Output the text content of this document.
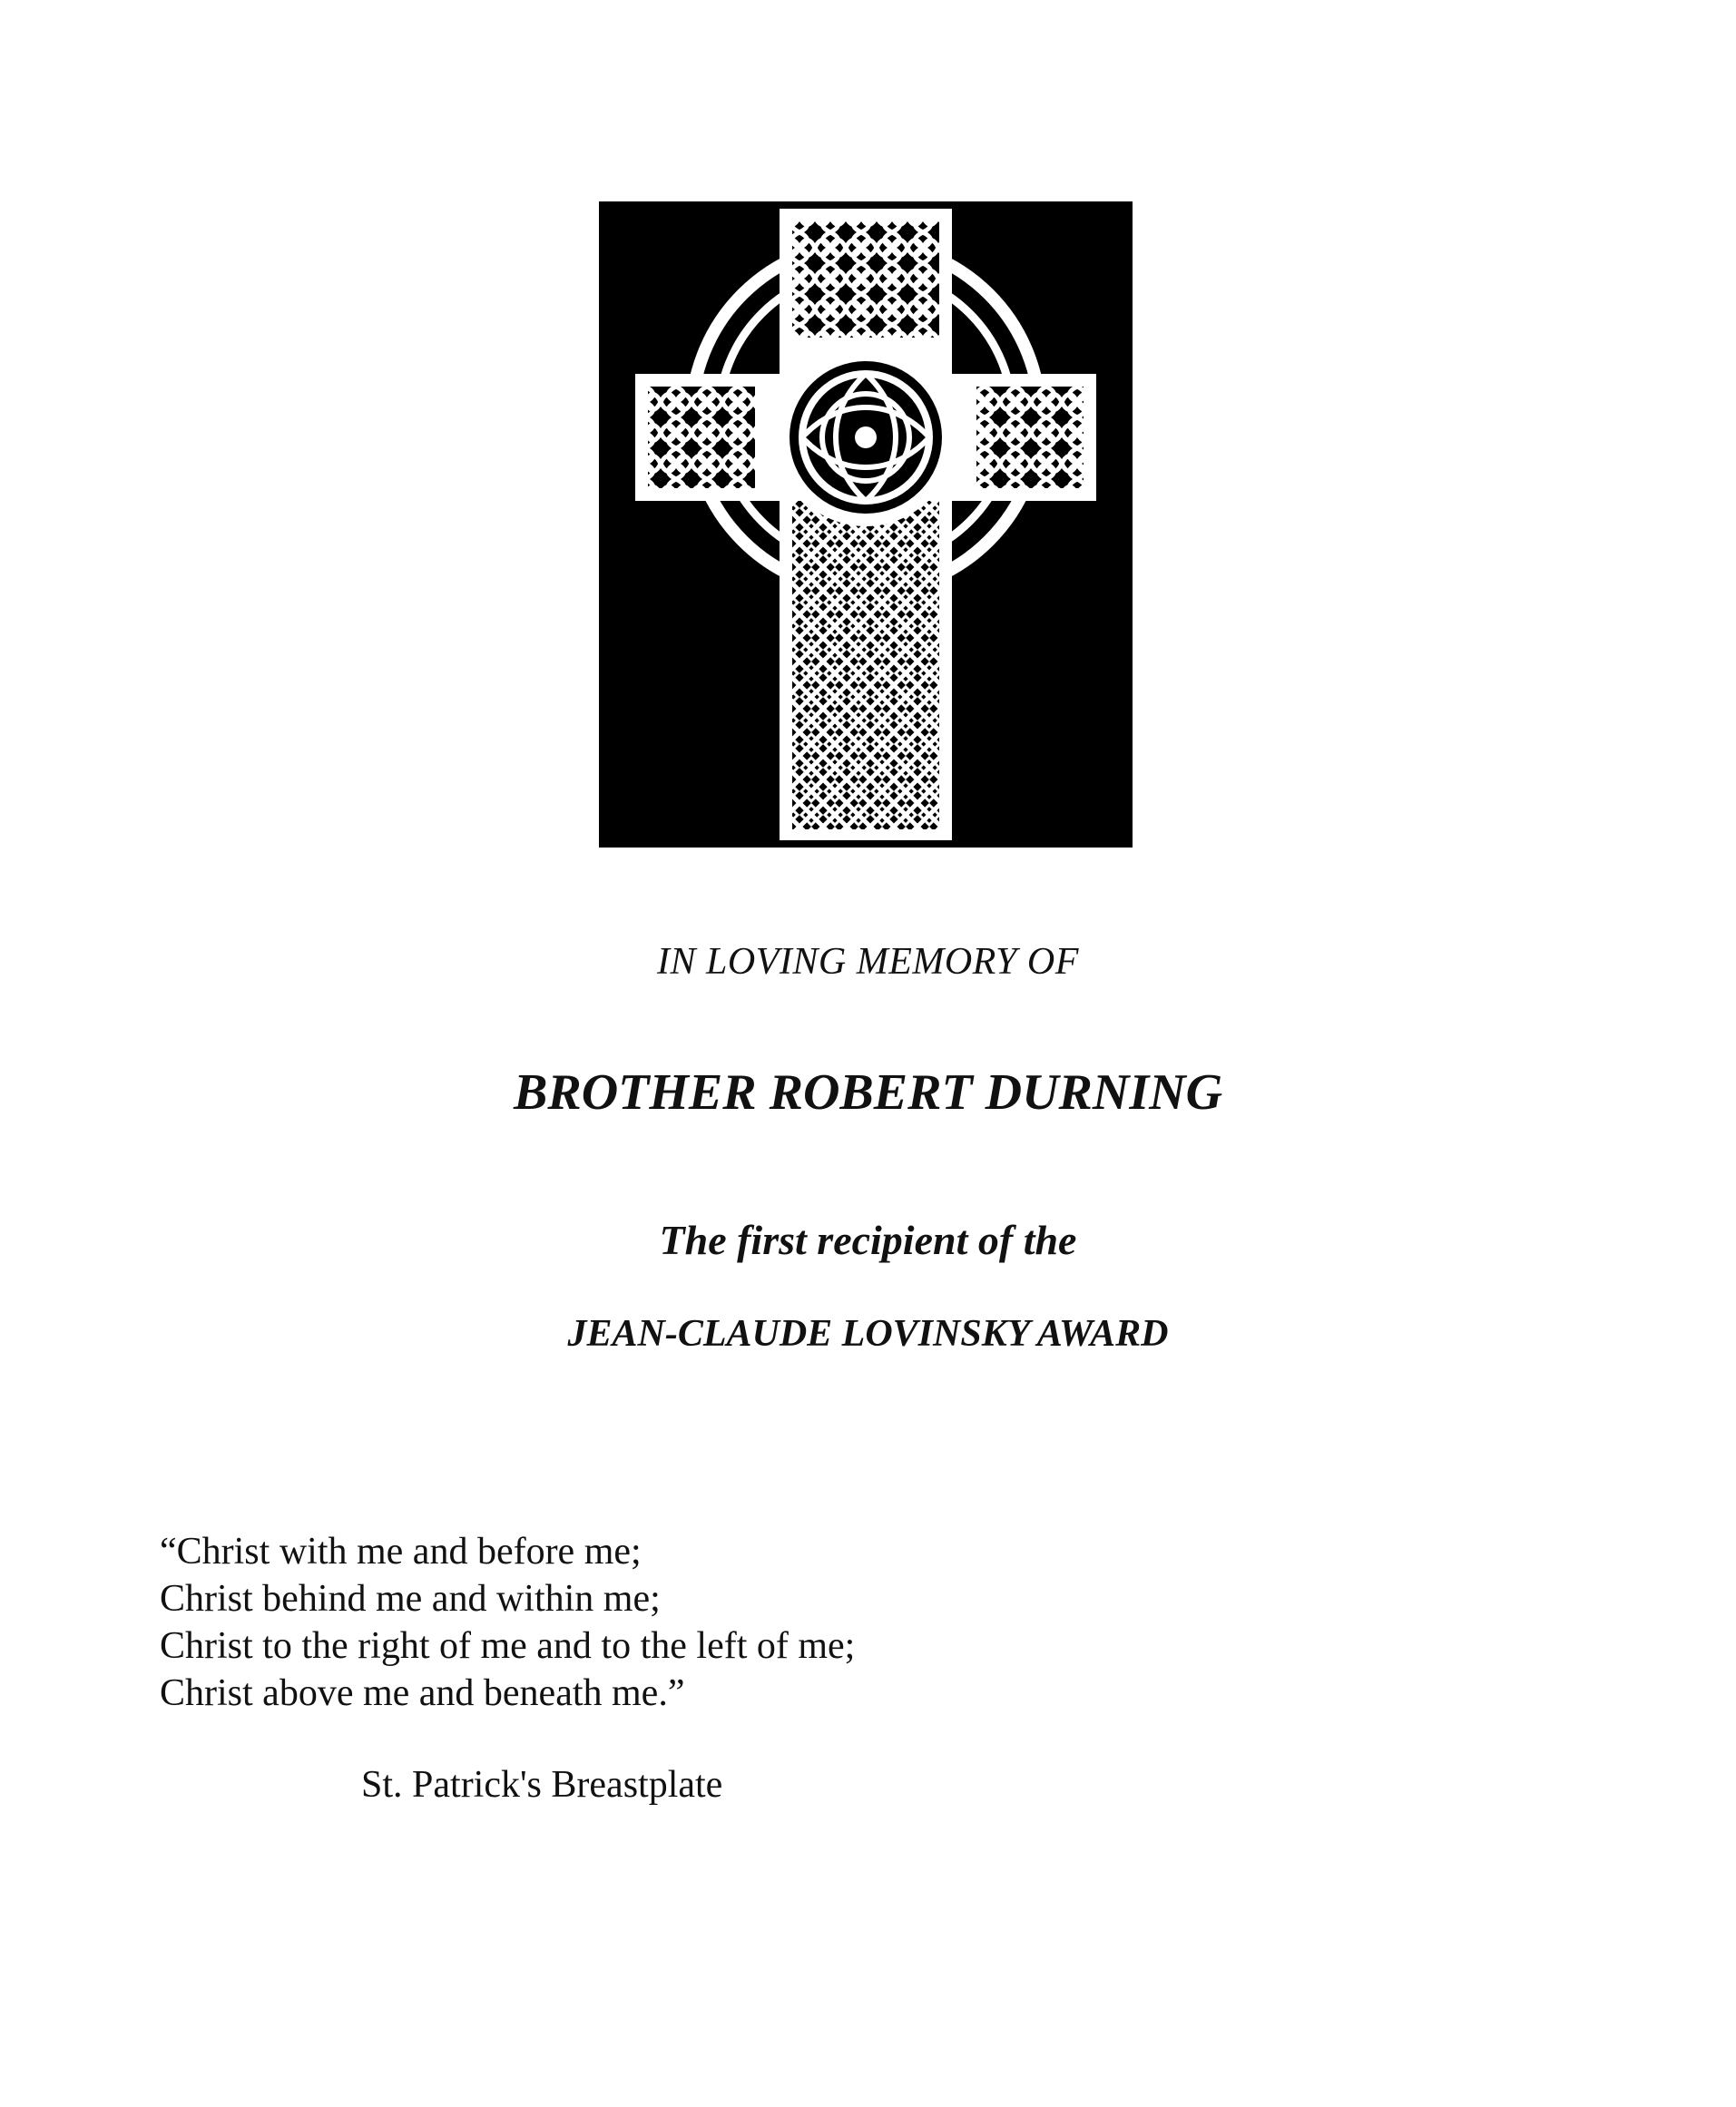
IN LOVING MEMORY OF

BROTHER ROBERT DURNING

The first recipient of the

JEAN-CLAUDE LOVINSKY AWARD

“Christ with me and before me;
Christ behind me and within me;
Christ to the right of me and to the left of me;
Christ above me and beneath me.”

St. Patrick's Breastplate
